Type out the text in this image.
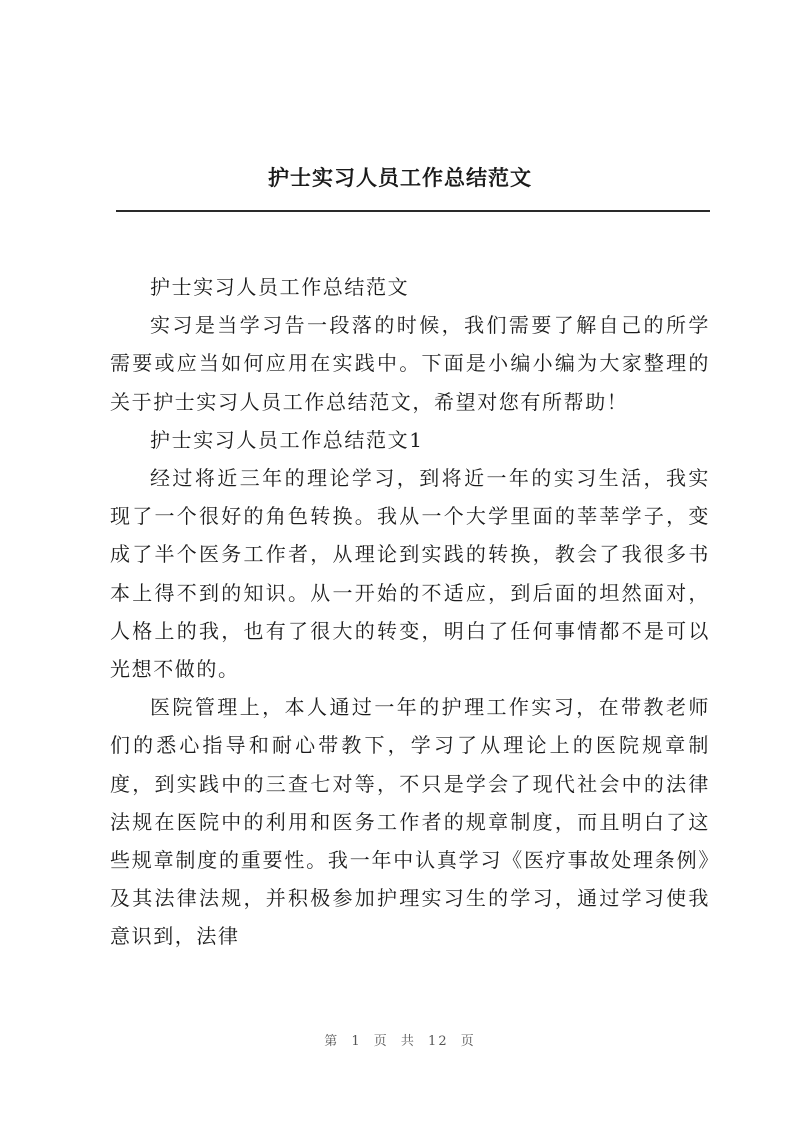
护士实习人员工作总结范文

护士实习人员工作总结范文

实习是当学习告一段落的时候，我们需要了解自己的所学需要或应当如何应用在实践中。下面是小编小编为大家整理的关于护士实习人员工作总结范文，希望对您有所帮助！

护士实习人员工作总结范文1

经过将近三年的理论学习，到将近一年的实习生活，我实现了一个很好的角色转换。我从一个大学里面的莘莘学子，变成了半个医务工作者，从理论到实践的转换，教会了我很多书本上得不到的知识。从一开始的不适应，到后面的坦然面对，人格上的我，也有了很大的转变，明白了任何事情都不是可以光想不做的。

医院管理上，本人通过一年的护理工作实习，在带教老师们的悉心指导和耐心带教下，学习了从理论上的医院规章制度，到实践中的三查七对等，不只是学会了现代社会中的法律法规在医院中的利用和医务工作者的规章制度，而且明白了这些规章制度的重要性。我一年中认真学习《医疗事故处理条例》及其法律法规，并积极参加护理实习生的学习，通过学习使我意识到，法律

第 1 页 共 12 页
